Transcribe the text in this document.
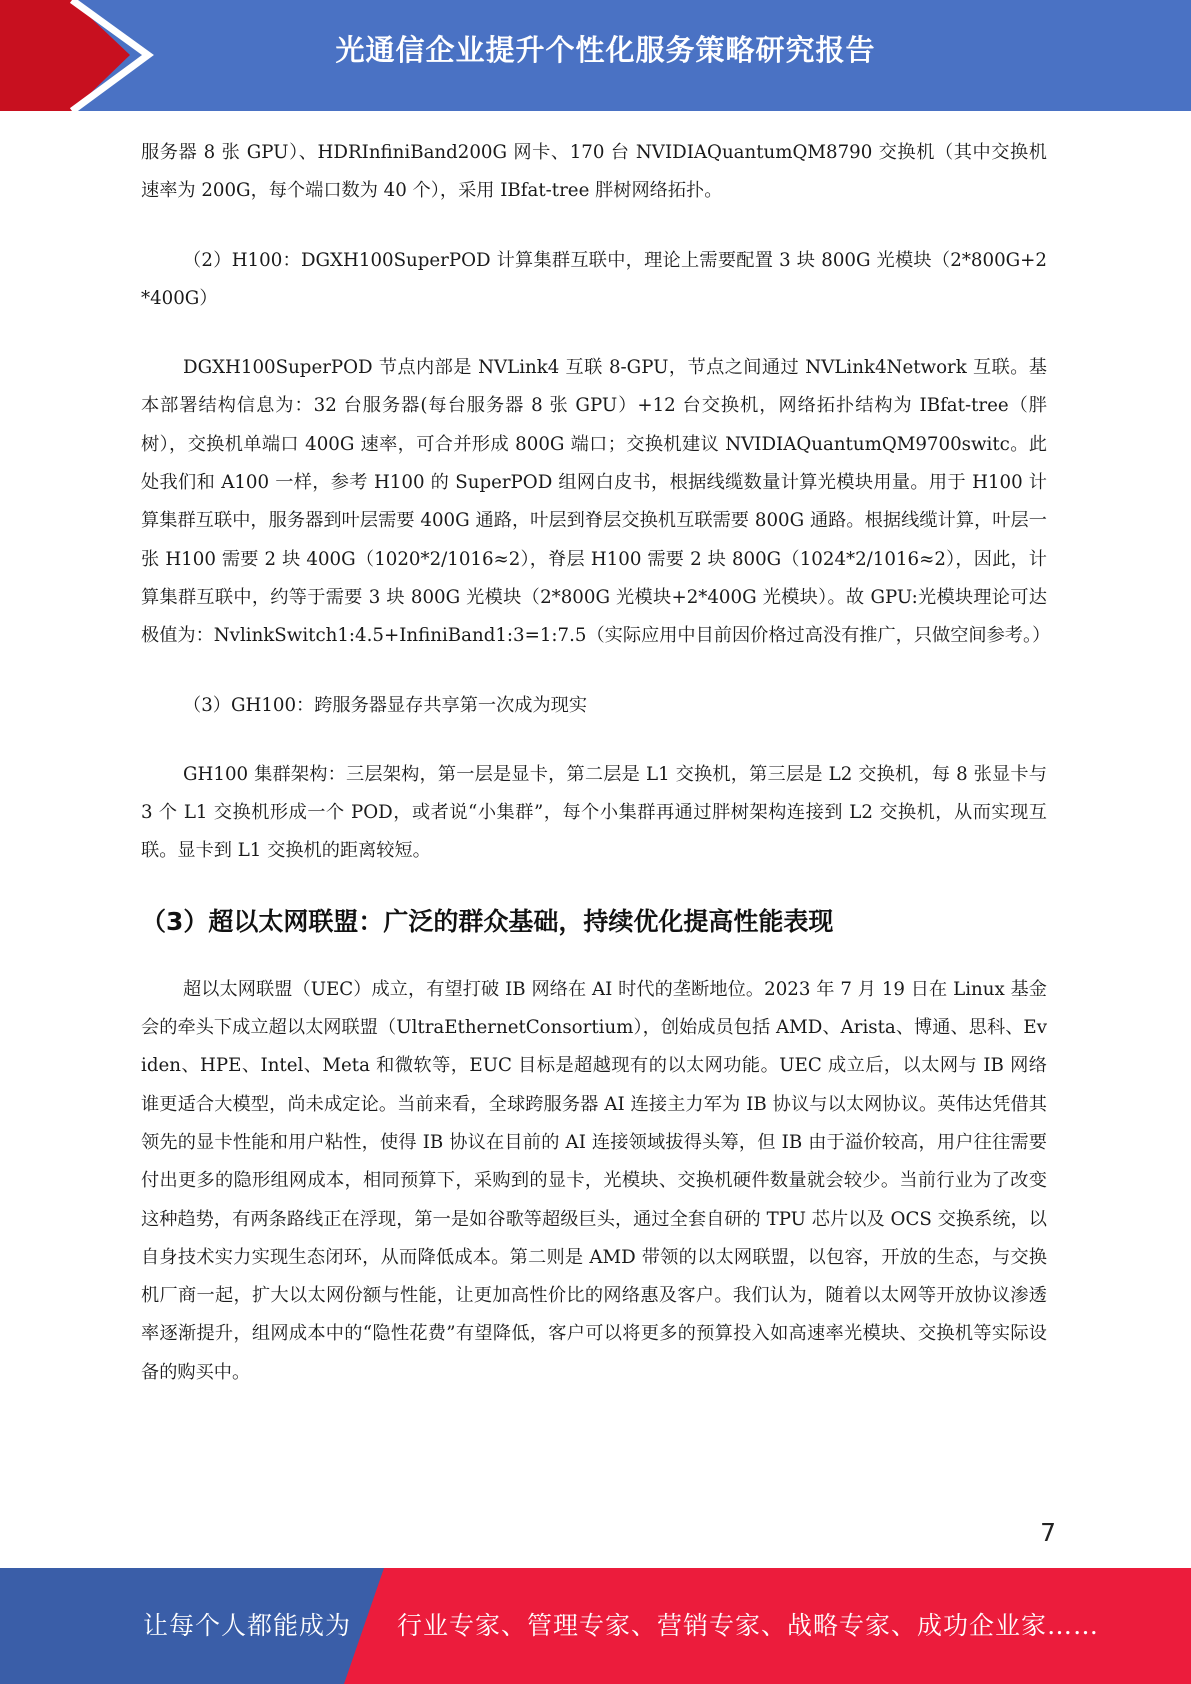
光通信企业提升个性化服务策略研究报告

服务器 8 张 GPU）、HDRInfiniBand200G 网卡、170 台 NVIDIAQuantumQM8790 交换机（其中交换机速率为 200G，每个端口数为 40 个），采用 IBfat-tree 胖树网络拓扑。

（2）H100：DGXH100SuperPOD 计算集群互联中，理论上需要配置 3 块 800G 光模块（2*800G+2*400G）

DGXH100SuperPOD 节点内部是 NVLink4 互联 8-GPU，节点之间通过 NVLink4Network 互联。基本部署结构信息为：32 台服务器(每台服务器 8 张 GPU）+12 台交换机，网络拓扑结构为 IBfat-tree（胖树），交换机单端口 400G 速率，可合并形成 800G 端口；交换机建议 NVIDIAQuantumQM9700switc。此处我们和 A100 一样，参考 H100 的 SuperPOD 组网白皮书，根据线缆数量计算光模块用量。用于 H100 计算集群互联中，服务器到叶层需要 400G 通路，叶层到脊层交换机互联需要 800G 通路。根据线缆计算，叶层一张 H100 需要 2 块 400G（1020*2/1016≈2），脊层 H100 需要 2 块 800G（1024*2/1016≈2），因此，计算集群互联中，约等于需要 3 块 800G 光模块（2*800G 光模块+2*400G 光模块）。故 GPU:光模块理论可达极值为：NvlinkSwitch1:4.5+InfiniBand1:3=1:7.5（实际应用中目前因价格过高没有推广，只做空间参考。）

（3）GH100：跨服务器显存共享第一次成为现实

GH100 集群架构：三层架构，第一层是显卡，第二层是 L1 交换机，第三层是 L2 交换机，每 8 张显卡与 3 个 L1 交换机形成一个 POD，或者说“小集群”，每个小集群再通过胖树架构连接到 L2 交换机，从而实现互联。显卡到 L1 交换机的距离较短。

（3）超以太网联盟：广泛的群众基础，持续优化提高性能表现

超以太网联盟（UEC）成立，有望打破 IB 网络在 AI 时代的垄断地位。2023 年 7 月 19 日在 Linux 基金会的牵头下成立超以太网联盟（UltraEthernetConsortium），创始成员包括 AMD、Arista、博通、思科、Eviden、HPE、Intel、Meta 和微软等，EUC 目标是超越现有的以太网功能。UEC 成立后，以太网与 IB 网络谁更适合大模型，尚未成定论。当前来看，全球跨服务器 AI 连接主力军为 IB 协议与以太网协议。英伟达凭借其领先的显卡性能和用户粘性，使得 IB 协议在目前的 AI 连接领域拔得头筹，但 IB 由于溢价较高，用户往往需要付出更多的隐形组网成本，相同预算下，采购到的显卡，光模块、交换机硬件数量就会较少。当前行业为了改变这种趋势，有两条路线正在浮现，第一是如谷歌等超级巨头，通过全套自研的 TPU 芯片以及 OCS 交换系统，以自身技术实力实现生态闭环，从而降低成本。第二则是 AMD 带领的以太网联盟，以包容，开放的生态，与交换机厂商一起，扩大以太网份额与性能，让更加高性价比的网络惠及客户。我们认为，随着以太网等开放协议渗透率逐渐提升，组网成本中的“隐性花费”有望降低，客户可以将更多的预算投入如高速率光模块、交换机等实际设备的购买中。

7
让每个人都能成为 行业专家、管理专家、营销专家、战略专家、成功企业家……
